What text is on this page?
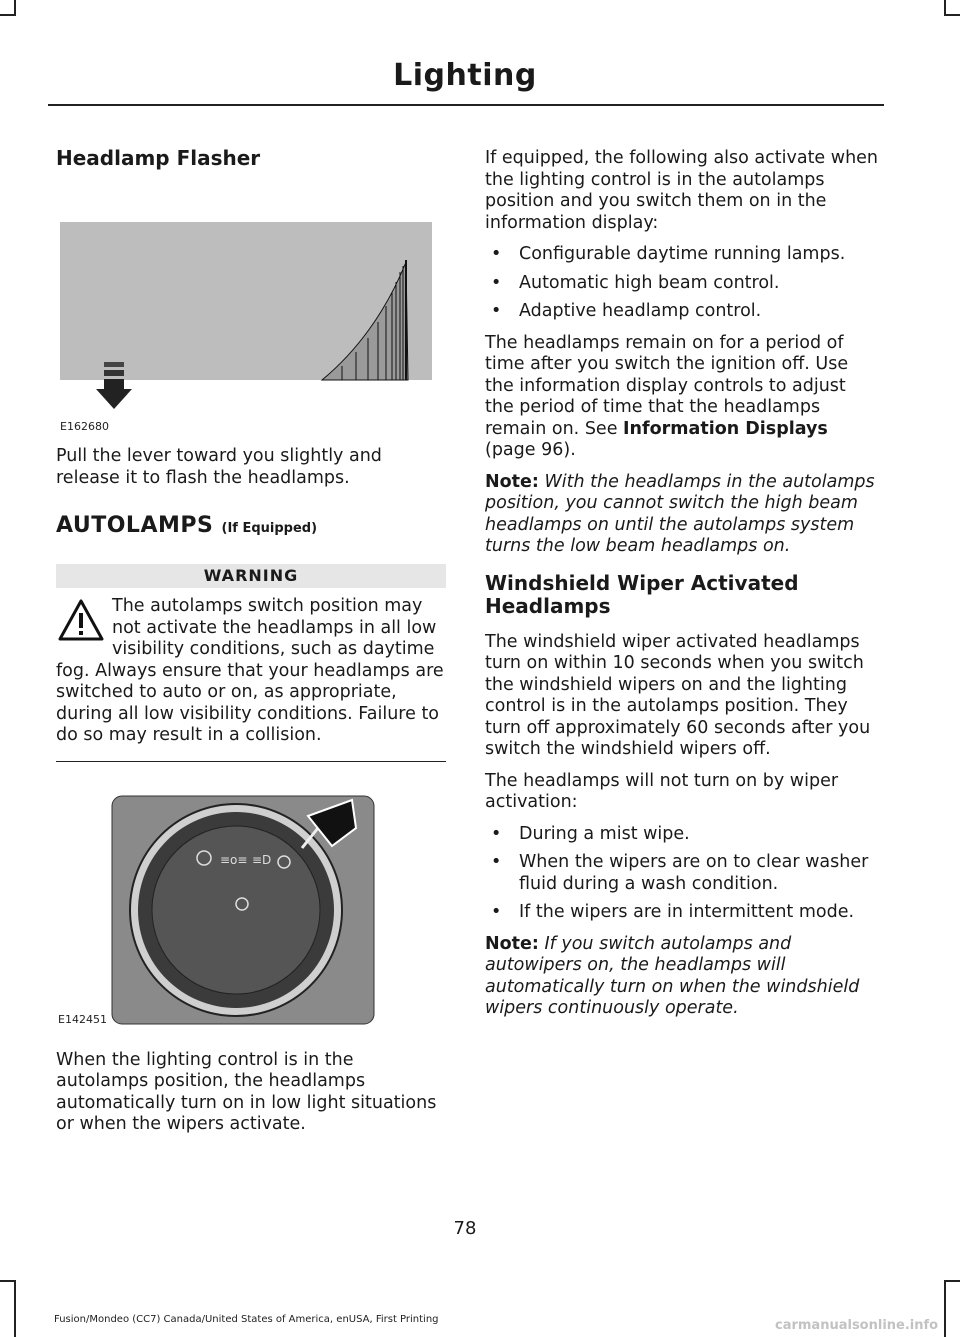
Lighting
Headlamp Flasher
E162680

Pull the lever toward you slightly and release it to flash the headlamps.

AUTOLAMPS (If Equipped)
WARNING
The autolamps switch position may not activate the headlamps in all low visibility conditions, such as daytime fog. Always ensure that your headlamps are switched to auto or on, as appropriate, during all low visibility conditions. Failure to do so may result in a collision.
≡o≡ ≡D
E142451

When the lighting control is in the autolamps position, the headlamps automatically turn on in low light situations or when the wipers activate.

If equipped, the following also activate when the lighting control is in the autolamps position and you switch them on in the information display:

• Configurable daytime running lamps.
• Automatic high beam control.
• Adaptive headlamp control.

The headlamps remain on for a period of time after you switch the ignition off. Use the information display controls to adjust the period of time that the headlamps remain on. See Information Displays (page 96).

Note: With the headlamps in the autolamps position, you cannot switch the high beam headlamps on until the autolamps system turns the low beam headlamps on.

Windshield Wiper Activated Headlamps

The windshield wiper activated headlamps turn on within 10 seconds when you switch the windshield wipers on and the lighting control is in the autolamps position. They turn off approximately 60 seconds after you switch the windshield wipers off.

The headlamps will not turn on by wiper activation:

• During a mist wipe.
• When the wipers are on to clear washer fluid during a wash condition.
• If the wipers are in intermittent mode.

Note: If you switch autolamps and autowipers on, the headlamps will automatically turn on when the windshield wipers continuously operate.

78
Fusion/Mondeo (CC7) Canada/United States of America, enUSA, First Printing	carmanualsonline.info
